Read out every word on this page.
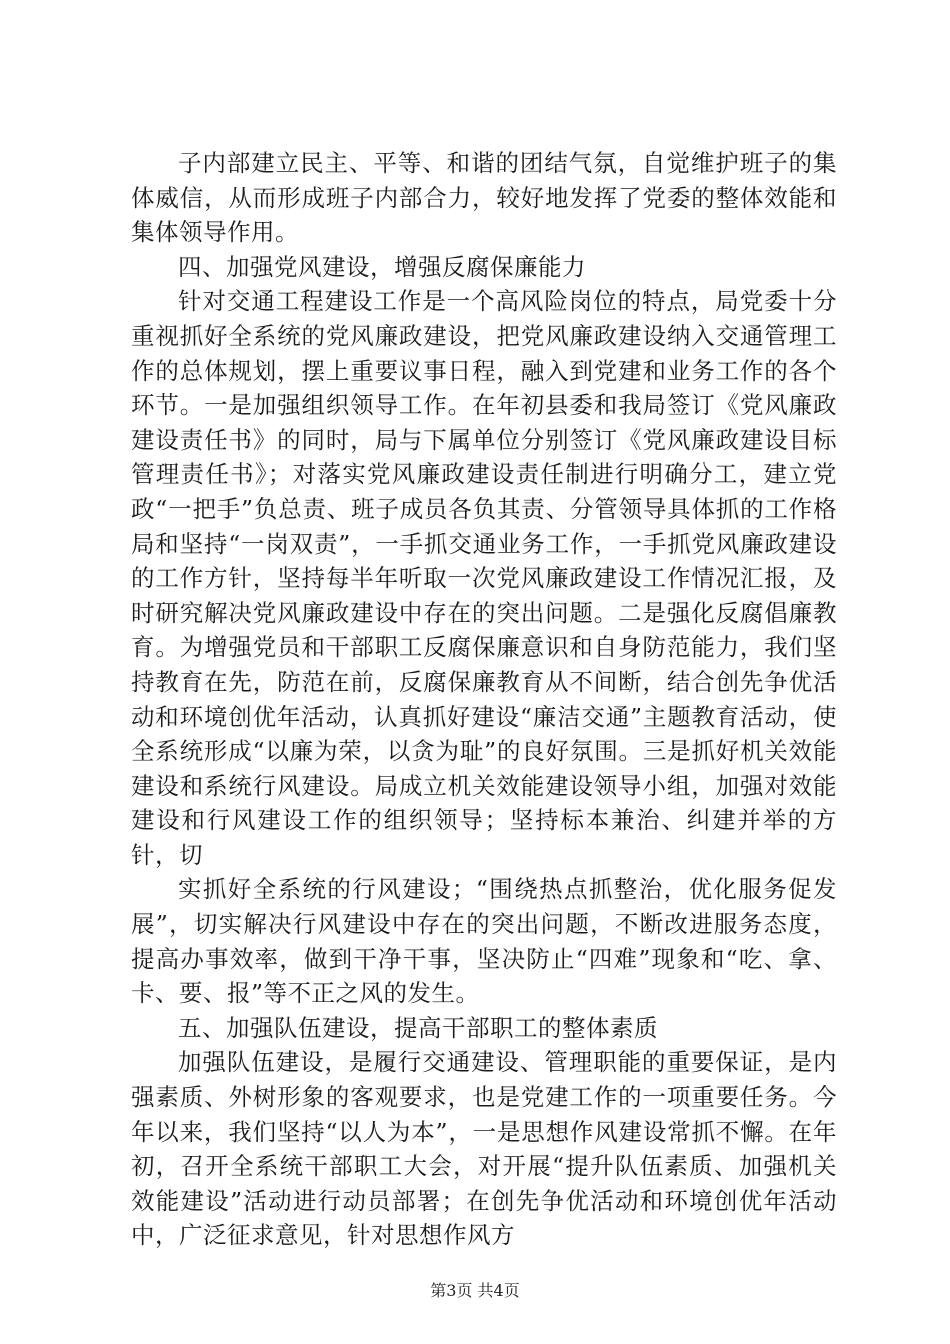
子内部建立民主、平等、和谐的团结气氛，自觉维护班子的集体威信，从而形成班子内部合力，较好地发挥了党委的整体效能和集体领导作用。

四、加强党风建设，增强反腐保廉能力

针对交通工程建设工作是一个高风险岗位的特点，局党委十分重视抓好全系统的党风廉政建设，把党风廉政建设纳入交通管理工作的总体规划，摆上重要议事日程，融入到党建和业务工作的各个环节。一是加强组织领导工作。在年初县委和我局签订《党风廉政建设责任书》的同时，局与下属单位分别签订《党风廉政建设目标管理责任书》；对落实党风廉政建设责任制进行明确分工，建立党政“一把手”负总责、班子成员各负其责、分管领导具体抓的工作格局和坚持“一岗双责”，一手抓交通业务工作，一手抓党风廉政建设的工作方针，坚持每半年听取一次党风廉政建设工作情况汇报，及时研究解决党风廉政建设中存在的突出问题。二是强化反腐倡廉教育。为增强党员和干部职工反腐保廉意识和自身防范能力，我们坚持教育在先，防范在前，反腐保廉教育从不间断，结合创先争优活动和环境创优年活动，认真抓好建设“廉洁交通”主题教育活动，使全系统形成“以廉为荣，以贪为耻”的良好氛围。三是抓好机关效能建设和系统行风建设。局成立机关效能建设领导小组，加强对效能建设和行风建设工作的组织领导；坚持标本兼治、纠建并举的方针，切

实抓好全系统的行风建设；“围绕热点抓整治，优化服务促发展”，切实解决行风建设中存在的突出问题，不断改进服务态度，提高办事效率，做到干净干事，坚决防止“四难”现象和“吃、拿、卡、要、报”等不正之风的发生。

五、加强队伍建设，提高干部职工的整体素质

加强队伍建设，是履行交通建设、管理职能的重要保证，是内强素质、外树形象的客观要求，也是党建工作的一项重要任务。今年以来，我们坚持“以人为本”，一是思想作风建设常抓不懈。在年初，召开全系统干部职工大会，对开展“提升队伍素质、加强机关效能建设”活动进行动员部署；在创先争优活动和环境创优年活动中，广泛征求意见，针对思想作风方

第3页 共4页
